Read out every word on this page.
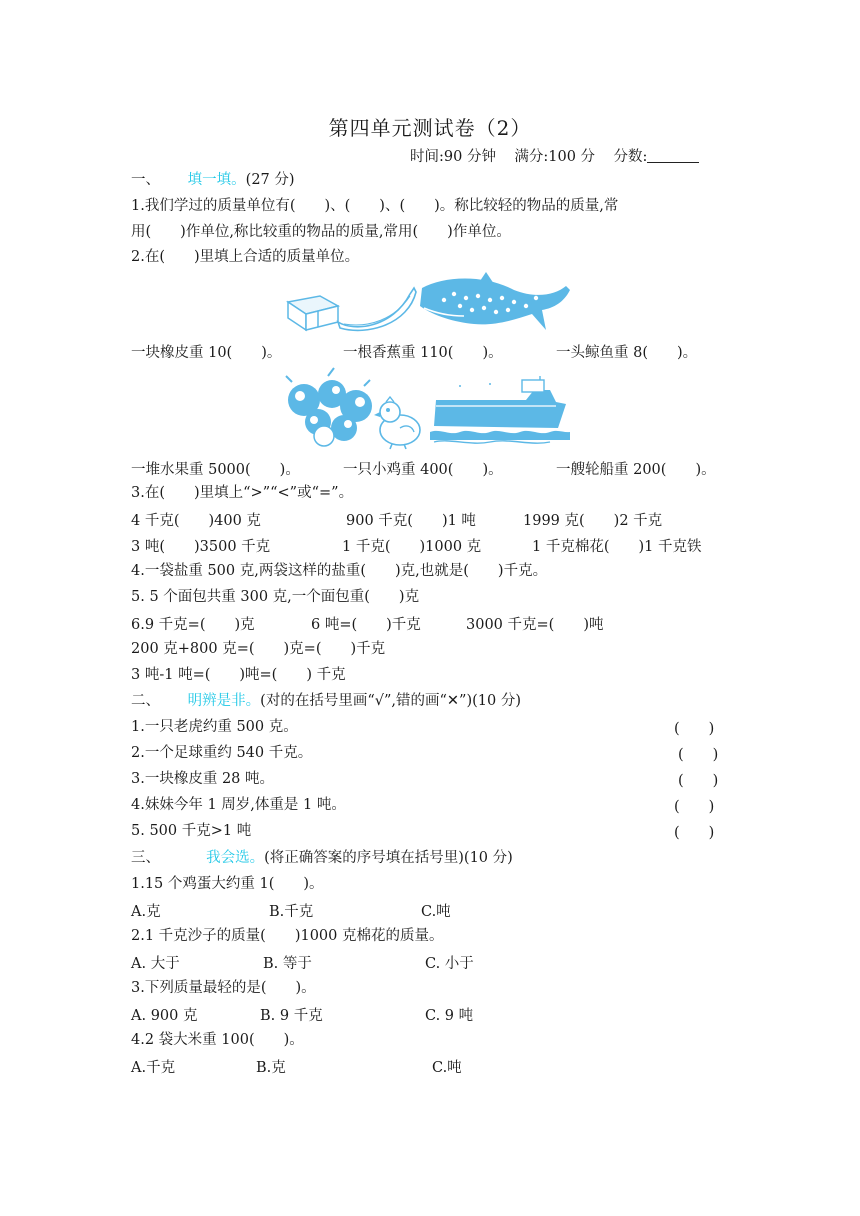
第四单元测试卷（2）
时间:90 分钟 满分:100 分 分数:
一、 填一填。(27 分)
1.我们学过的质量单位有(　　)、(　　)、(　　)。称比较轻的物品的质量,常
用(　　)作单位,称比较重的物品的质量,常用(　　)作单位。
2.在(　　)里填上合适的质量单位。
一块橡皮重 10(　　)。	一根香蕉重 110(　　)。	一头鲸鱼重 8(　　)。
一堆水果重 5000(　　)。	一只小鸡重 400(　　)。	一艘轮船重 200(　　)。
3.在(　　)里填上“>”“<”或“=”。
4 千克(　　)400 克	900 千克(　　)1 吨	1999 克(　　)2 千克
3 吨(　　)3500 千克	1 千克(　　)1000 克	1 千克棉花(　　)1 千克铁
4.一袋盐重 500 克,两袋这样的盐重(　　)克,也就是(　　)千克。
5. 5 个面包共重 300 克,一个面包重(　　)克
6.9 千克=(　　)克	6 吨=(　　)千克	3000 千克=(　　)吨
200 克+800 克=(　　)克=(　　)千克
3 吨-1 吨=(　　)吨=(　　) 千克
二、 明辨是非。(对的在括号里画“√”,错的画“✕”)(10 分)
1.一只老虎约重 500 克。	(　　)
2.一个足球重约 540 千克。	(　　)
3.一块橡皮重 28 吨。	(　　)
4.妹妹今年 1 周岁,体重是 1 吨。	(　　)
5. 500 千克>1 吨	(　　)
三、	我会选。(将正确答案的序号填在括号里)(10 分)
1.15 个鸡蛋大约重 1(　　)。
A.克	B.千克	C.吨
2.1 千克沙子的质量(　　)1000 克棉花的质量。
A. 大于	B. 等于	C. 小于
3.下列质量最轻的是(　　)。
A. 900 克	B. 9 千克	C. 9 吨
4.2 袋大米重 100(　　)。
A.千克	B.克	C.吨
